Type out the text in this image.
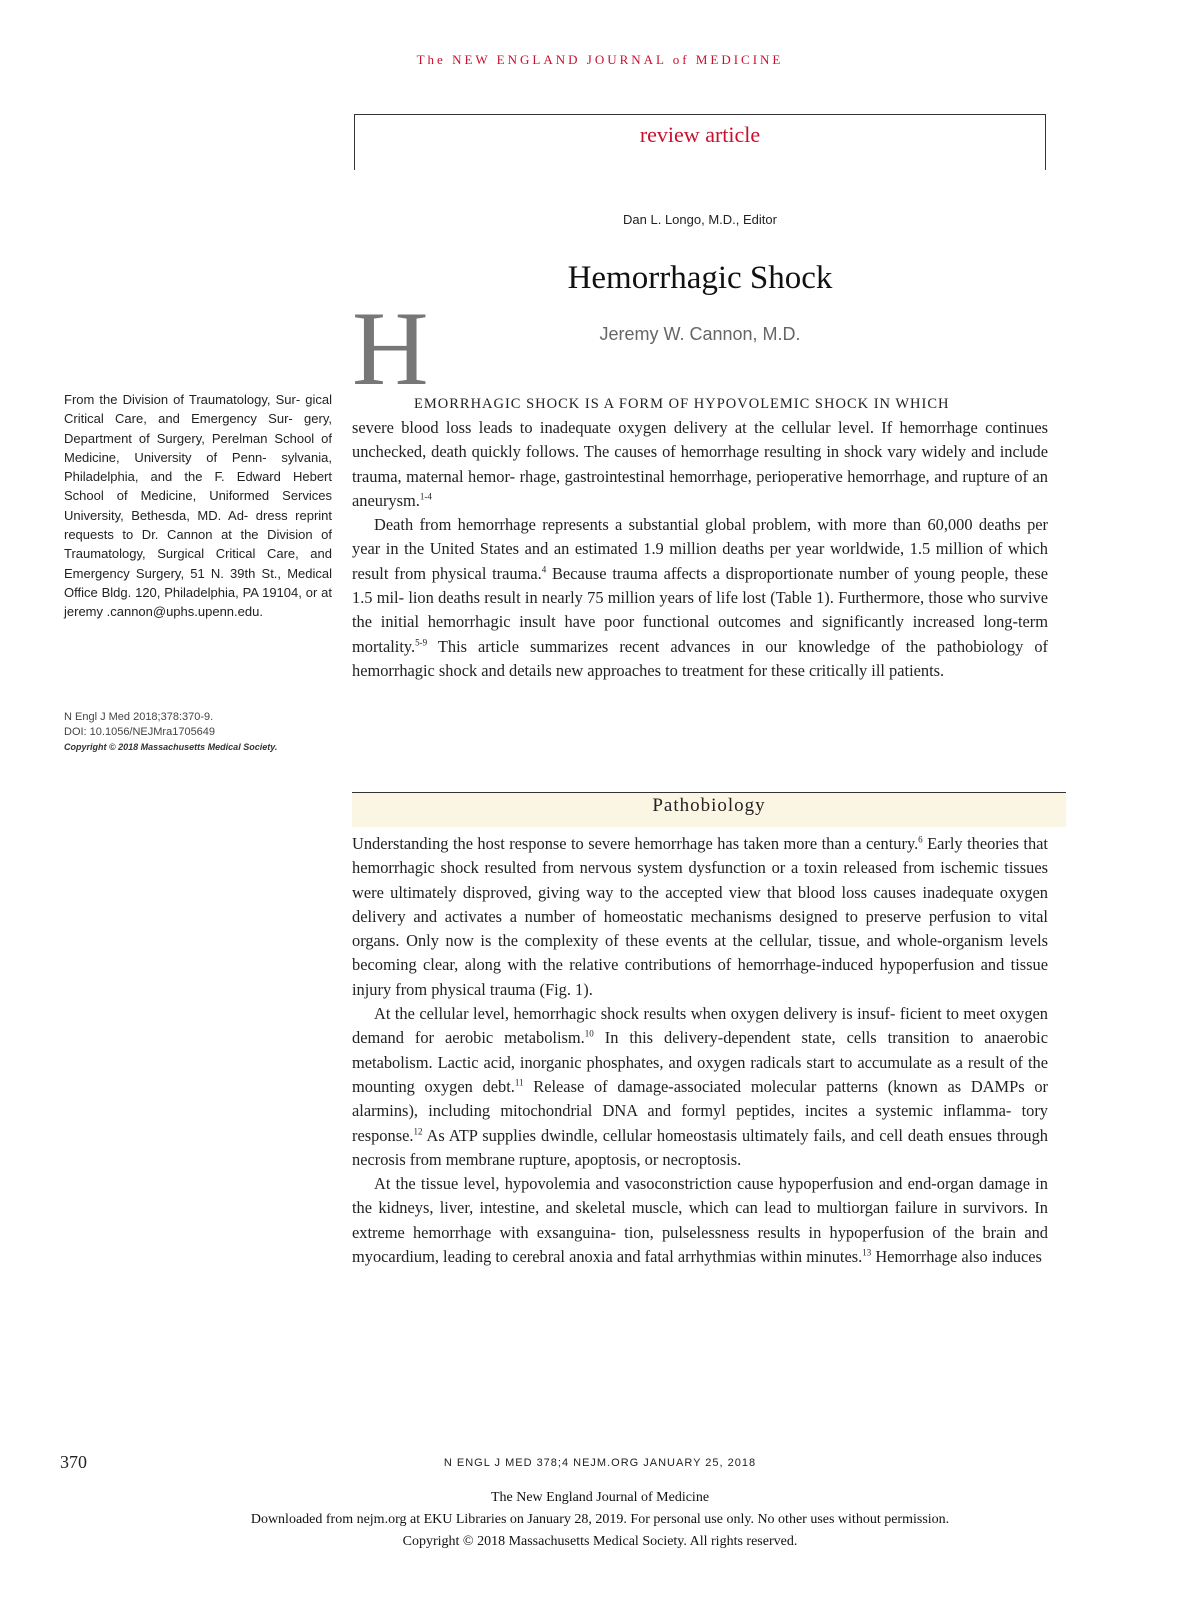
The NEW ENGLAND JOURNAL of MEDICINE
review article
Dan L. Longo, M.D., Editor
Hemorrhagic Shock
Jeremy W. Cannon, M.D.
H
From the Division of Traumatology, Sur- gical Critical Care, and Emergency Sur- gery, Department of Surgery, Perelman School of Medicine, University of Penn- sylvania, Philadelphia, and the F. Edward Hebert School of Medicine, Uniformed Services University, Bethesda, MD. Ad- dress reprint requests to Dr. Cannon at the Division of Traumatology, Surgical Critical Care, and Emergency Surgery, 51 N. 39th St., Medical Office Bldg. 120, Philadelphia, PA 19104, or at jeremy .cannon@uphs.upenn.edu.
N Engl J Med 2018;378:370-9.
DOI: 10.1056/NEJMra1705649
Copyright © 2018 Massachusetts Medical Society.
EMORRHAGIC SHOCK IS A FORM OF HYPOVOLEMIC SHOCK IN WHICH

severe blood loss leads to inadequate oxygen delivery at the cellular level. If hemorrhage continues unchecked, death quickly follows. The causes of hemorrhage resulting in shock vary widely and include trauma, maternal hemor- rhage, gastrointestinal hemorrhage, perioperative hemorrhage, and rupture of an aneurysm.$^{1-4}$

Death from hemorrhage represents a substantial global problem, with more than 60,000 deaths per year in the United States and an estimated 1.9 million deaths per year worldwide, 1.5 million of which result from physical trauma.$^4$ Because trauma affects a disproportionate number of young people, these 1.5 mil- lion deaths result in nearly 75 million years of life lost (Table 1). Furthermore, those who survive the initial hemorrhagic insult have poor functional outcomes and significantly increased long-term mortality.$^{5-9}$ This article summarizes recent advances in our knowledge of the pathobiology of hemorrhagic shock and details new approaches to treatment for these critically ill patients.

Pathobiology

Understanding the host response to severe hemorrhage has taken more than a century.$^6$ Early theories that hemorrhagic shock resulted from nervous system dysfunction or a toxin released from ischemic tissues were ultimately disproved, giving way to the accepted view that blood loss causes inadequate oxygen delivery and activates a number of homeostatic mechanisms designed to preserve perfusion to vital organs. Only now is the complexity of these events at the cellular, tissue, and whole-organism levels becoming clear, along with the relative contributions of hemorrhage-induced hypoperfusion and tissue injury from physical trauma (Fig. 1).

At the cellular level, hemorrhagic shock results when oxygen delivery is insuf- ficient to meet oxygen demand for aerobic metabolism.$^{10}$ In this delivery-dependent state, cells transition to anaerobic metabolism. Lactic acid, inorganic phosphates, and oxygen radicals start to accumulate as a result of the mounting oxygen debt.$^{11}$ Release of damage-associated molecular patterns (known as DAMPs or alarmins), including mitochondrial DNA and formyl peptides, incites a systemic inflamma- tory response.$^{12}$ As ATP supplies dwindle, cellular homeostasis ultimately fails, and cell death ensues through necrosis from membrane rupture, apoptosis, or necroptosis.

At the tissue level, hypovolemia and vasoconstriction cause hypoperfusion and end-organ damage in the kidneys, liver, intestine, and skeletal muscle, which can lead to multiorgan failure in survivors. In extreme hemorrhage with exsanguina- tion, pulselessness results in hypoperfusion of the brain and myocardium, leading to cerebral anoxia and fatal arrhythmias within minutes.$^{13}$ Hemorrhage also induces

370	N ENGL J MED 378;4 NEJM.ORG JANUARY 25, 2018
The New England Journal of Medicine
Downloaded from nejm.org at EKU Libraries on January 28, 2019. For personal use only. No other uses without permission.
Copyright © 2018 Massachusetts Medical Society. All rights reserved.
